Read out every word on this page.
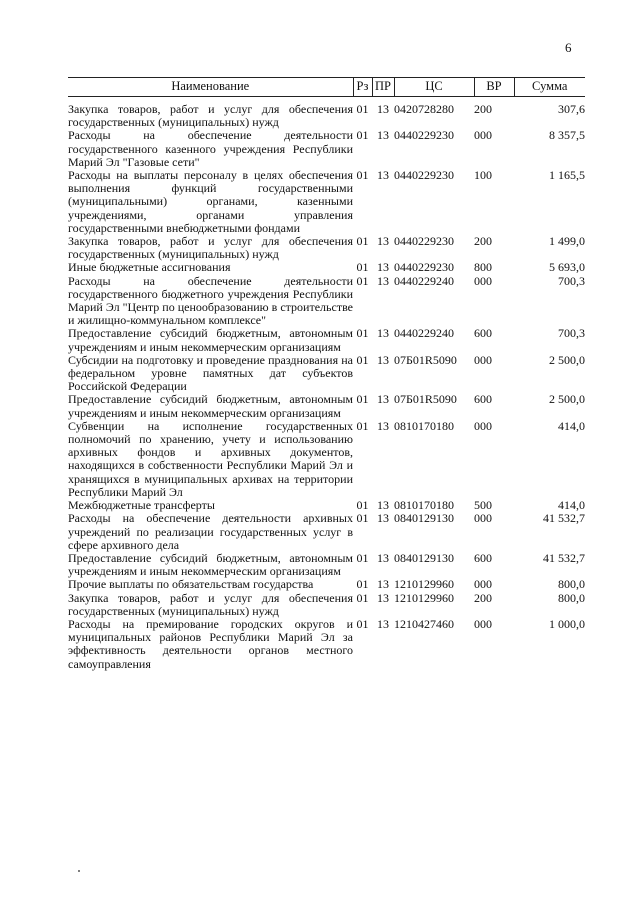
6
Наименование	Рз	ПР	ЦС	ВР	Сумма

Закупка товаров, работ и услуг для обеспечения государственных (муниципальных) нужд	01	13	0420728280	200	307,6
Расходы на обеспечение деятельности государственного казенного учреждения Республики Марий Эл "Газовые сети"	01	13	0440229230	000	8 357,5
Расходы на выплаты персоналу в целях обеспечения выполнения функций государственными (муниципальными) органами, казенными учреждениями, органами управления государственными внебюджетными фондами	01	13	0440229230	100	1 165,5
Закупка товаров, работ и услуг для обеспечения государственных (муниципальных) нужд	01	13	0440229230	200	1 499,0
Иные бюджетные ассигнования	01	13	0440229230	800	5 693,0
Расходы на обеспечение деятельности государственного бюджетного учреждения Республики Марий Эл "Центр по ценообразованию в строительстве и жилищно-коммунальном комплексе"	01	13	0440229240	000	700,3
Предоставление субсидий бюджетным, автономным учреждениям и иным некоммерческим организациям	01	13	0440229240	600	700,3
Субсидии на подготовку и проведение празднования на федеральном уровне памятных дат субъектов Российской Федерации	01	13	07Б01R5090	000	2 500,0
Предоставление субсидий бюджетным, автономным учреждениям и иным некоммерческим организациям	01	13	07Б01R5090	600	2 500,0
Субвенции на исполнение государственных полномочий по хранению, учету и использованию архивных фондов и архивных документов, находящихся в собственности Республики Марий Эл и хранящихся в муниципальных архивах на территории Республики Марий Эл	01	13	0810170180	000	414,0
Межбюджетные трансферты	01	13	0810170180	500	414,0
Расходы на обеспечение деятельности архивных учреждений по реализации государственных услуг в сфере архивного дела	01	13	0840129130	000	41 532,7
Предоставление субсидий бюджетным, автономным учреждениям и иным некоммерческим организациям	01	13	0840129130	600	41 532,7
Прочие выплаты по обязательствам государства	01	13	1210129960	000	800,0
Закупка товаров, работ и услуг для обеспечения государственных (муниципальных) нужд	01	13	1210129960	200	800,0
Расходы на премирование городских округов и муниципальных районов Республики Марий Эл за эффективность деятельности органов местного самоуправления	01	13	1210427460	000	1 000,0
